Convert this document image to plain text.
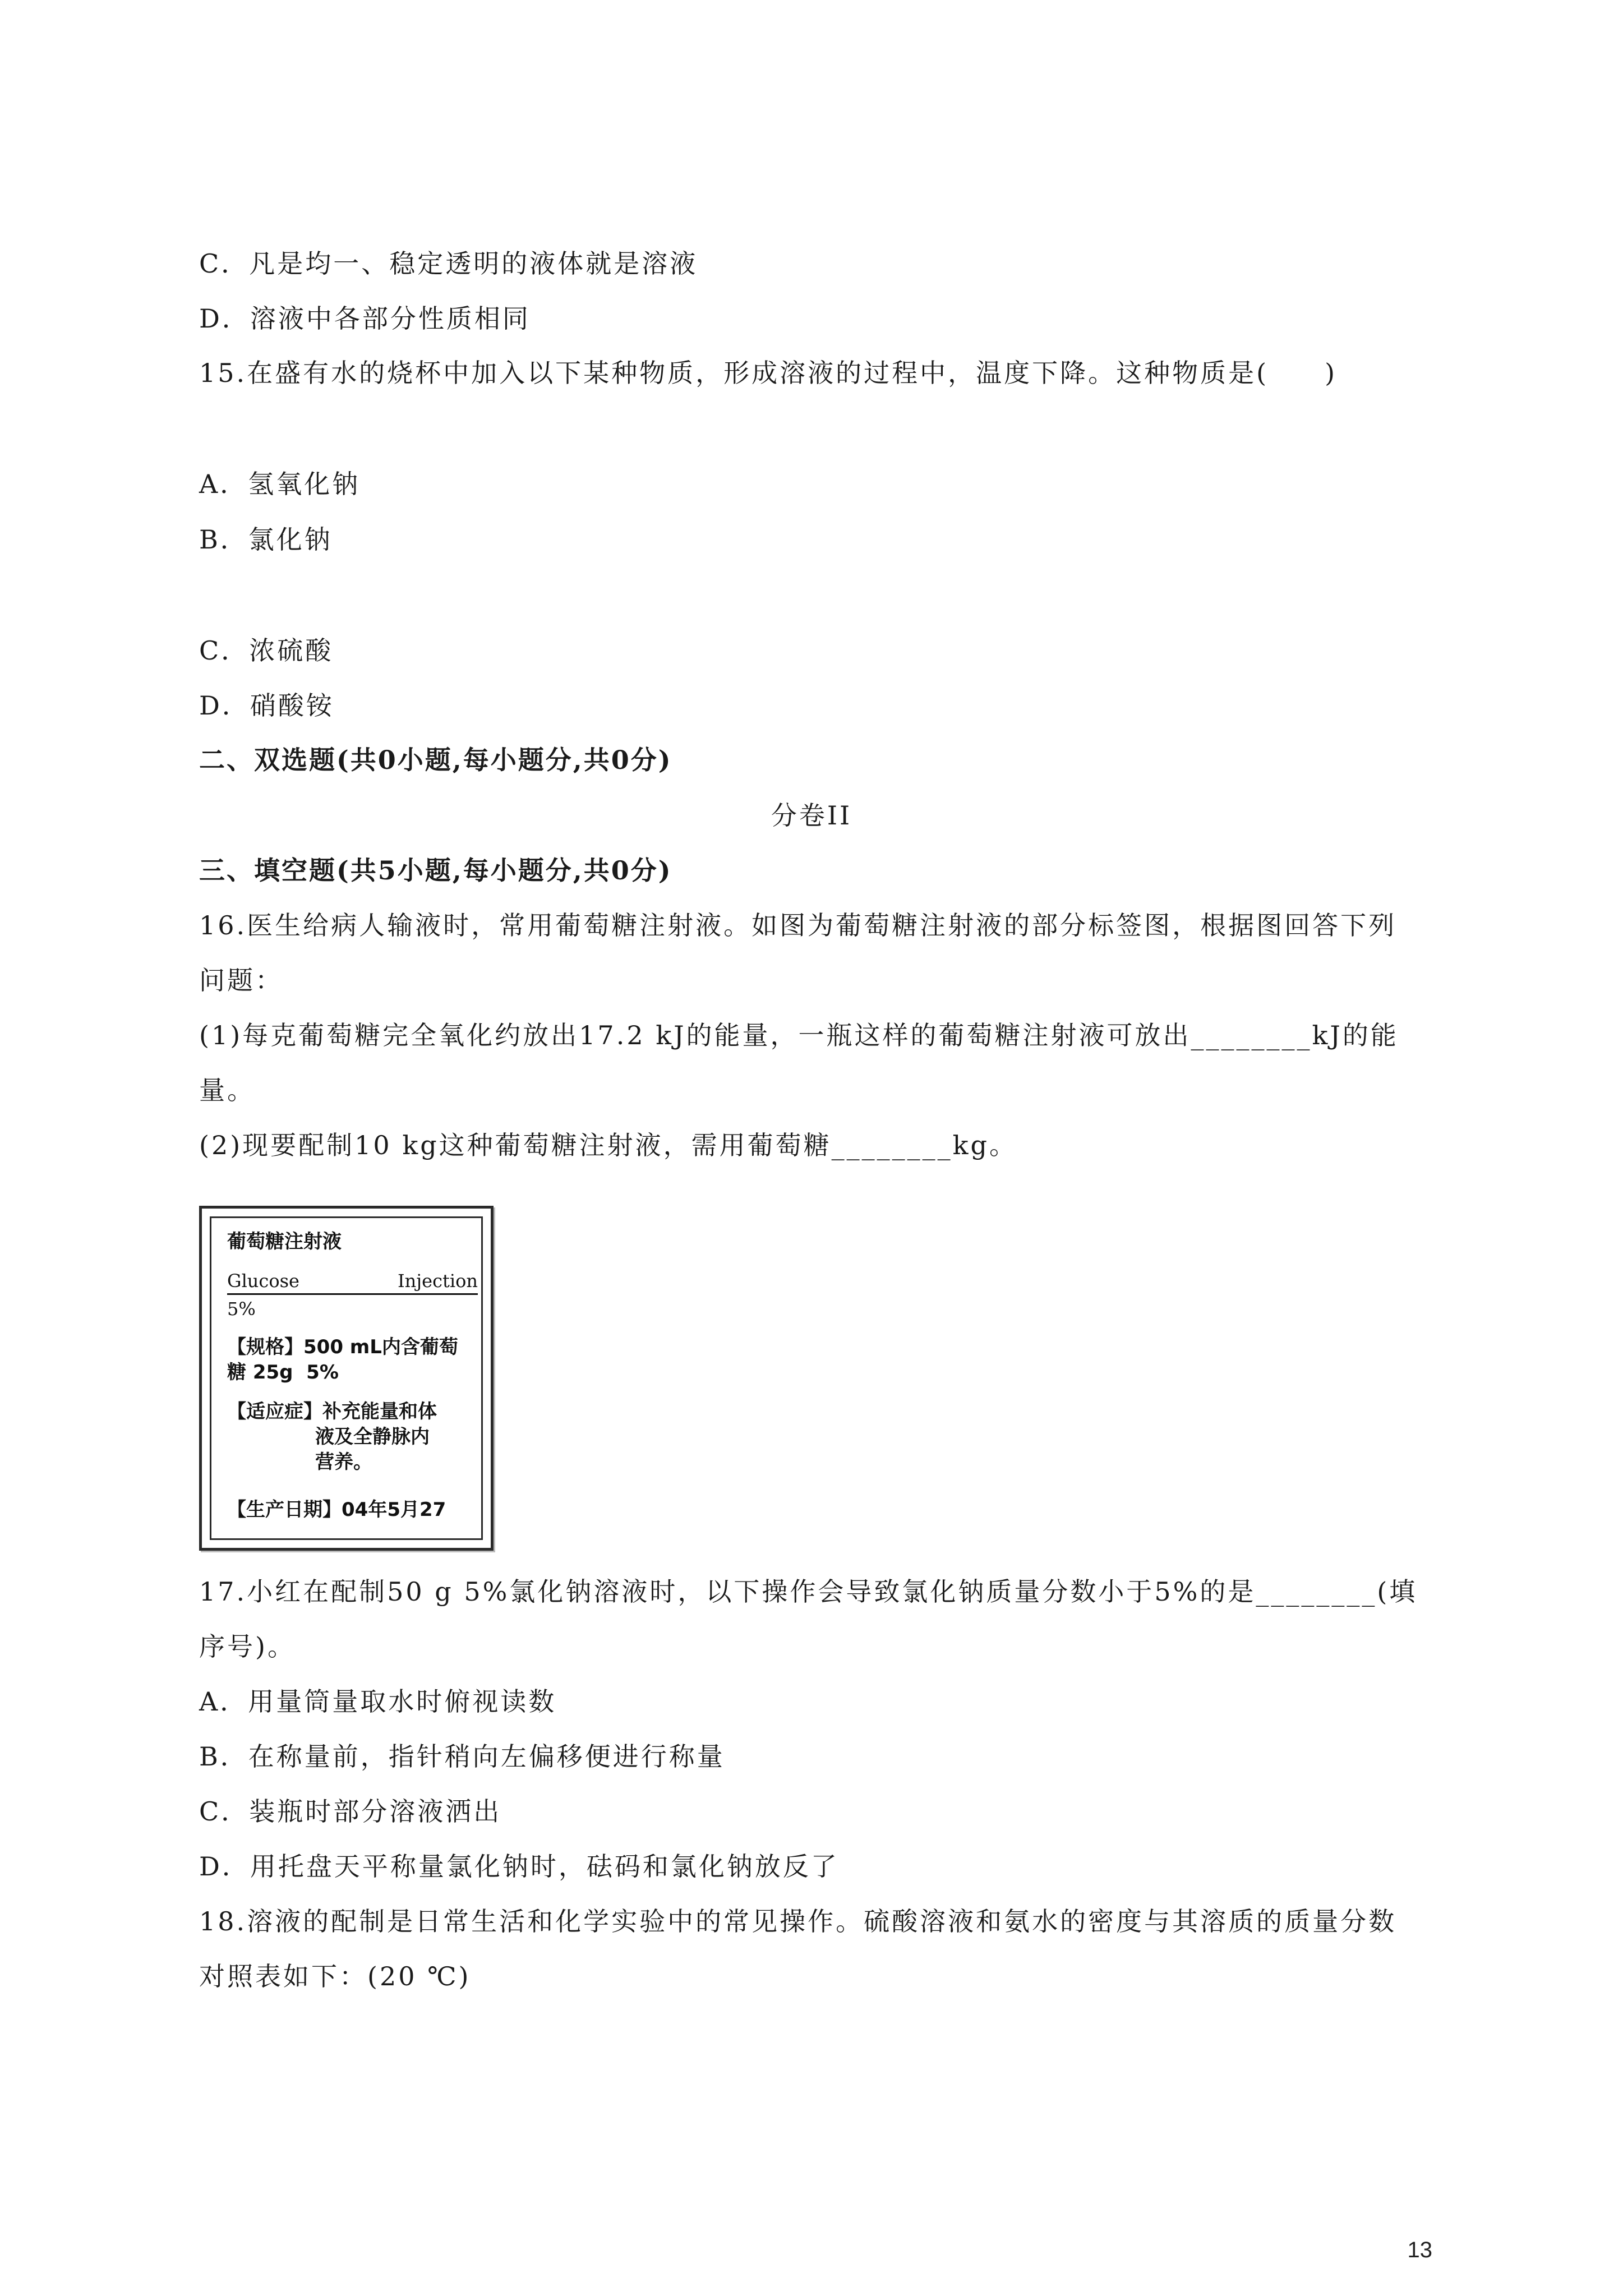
C．凡是均一、稳定透明的液体就是溶液
D．溶液中各部分性质相同
15.在盛有水的烧杯中加入以下某种物质，形成溶液的过程中，温度下降。这种物质是(　　)
A．氢氧化钠
B．氯化钠
C．浓硫酸
D．硝酸铵
二、双选题(共0小题,每小题分,共0分)
分卷II
三、填空题(共5小题,每小题分,共0分)
16.医生给病人输液时，常用葡萄糖注射液。如图为葡萄糖注射液的部分标签图，根据图回答下列
问题：
(1)每克葡萄糖完全氧化约放出17.2 kJ的能量，一瓶这样的葡萄糖注射液可放出________kJ的能
量。
(2)现要配制10 kg这种葡萄糖注射液，需用葡萄糖________kg。
葡萄糖注射液
Glucose	Injection
5%
【规格】500 mL内含葡萄
糖 25g  5%
【适应症】补充能量和体
液及全静脉内
营养。
【生产日期】04年5月27
17.小红在配制50 g 5%氯化钠溶液时，以下操作会导致氯化钠质量分数小于5%的是________(填
序号)。
A．用量筒量取水时俯视读数
B．在称量前，指针稍向左偏移便进行称量
C．装瓶时部分溶液洒出
D．用托盘天平称量氯化钠时，砝码和氯化钠放反了
18.溶液的配制是日常生活和化学实验中的常见操作。硫酸溶液和氨水的密度与其溶质的质量分数
对照表如下：(20 ℃)
13
